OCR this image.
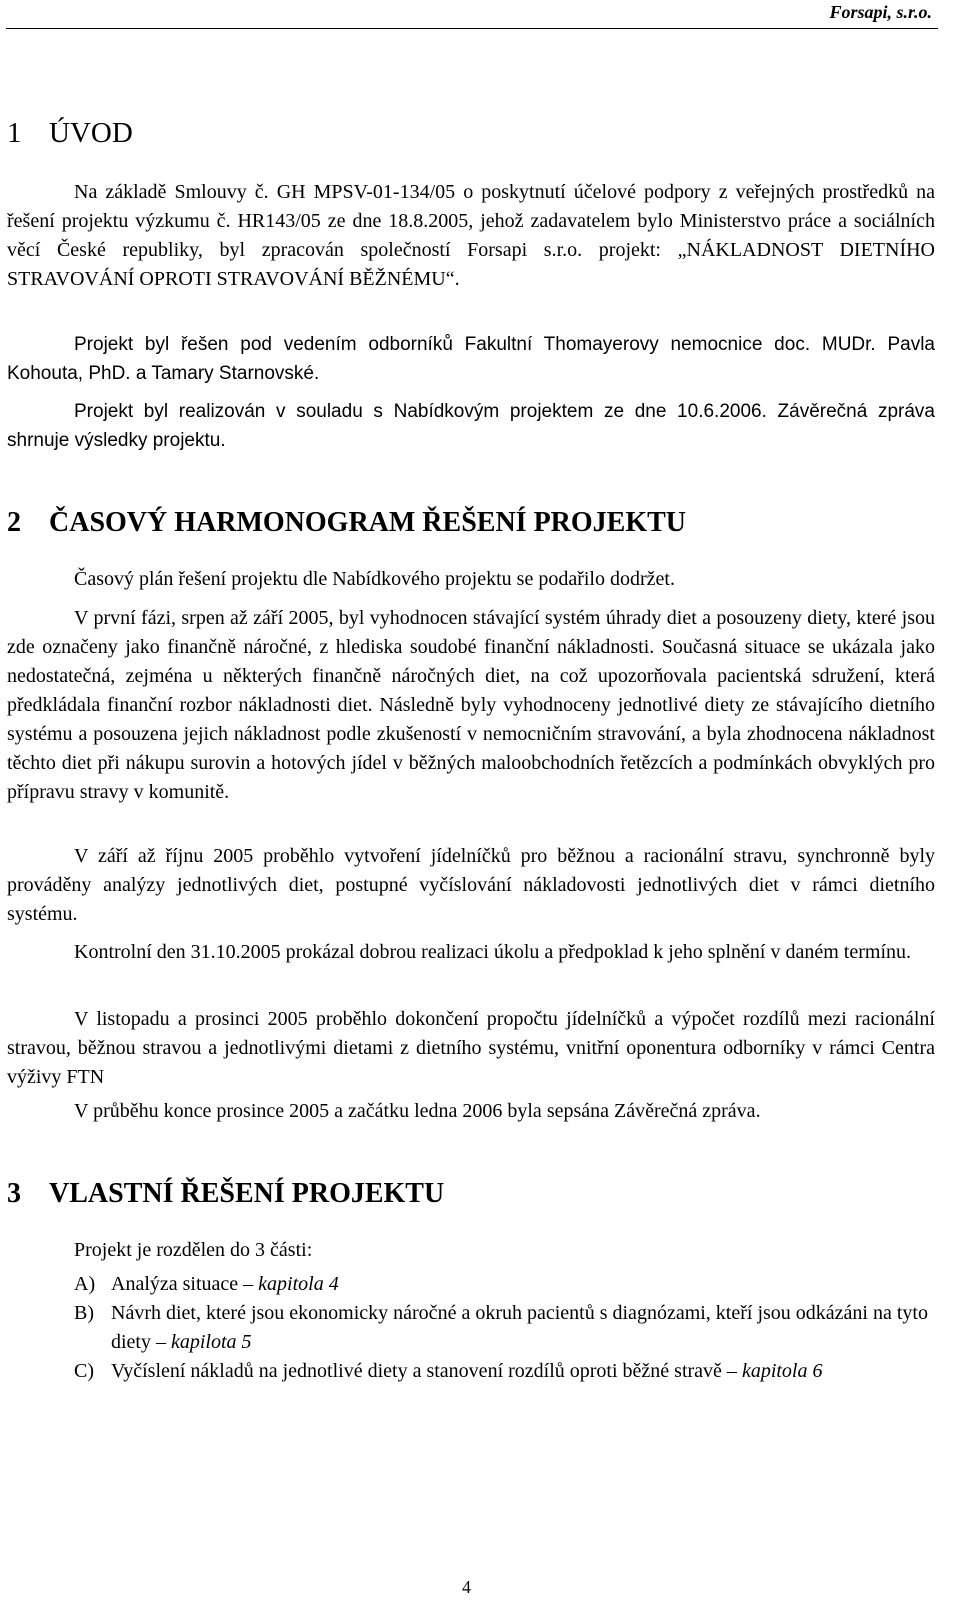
Forsapi, s.r.o.
1 ÚVOD

Na základě Smlouvy č. GH MPSV-01-134/05 o poskytnutí účelové podpory z veřejných prostředků na řešení projektu výzkumu č. HR143/05 ze dne 18.8.2005, jehož zadavatelem bylo Ministerstvo práce a sociálních věcí České republiky, byl zpracován společností Forsapi s.r.o. projekt: „NÁKLADNOST DIETNÍHO STRAVOVÁNÍ OPROTI STRAVOVÁNÍ BĚŽNÉMU“.

Projekt byl řešen pod vedením odborníků Fakultní Thomayerovy nemocnice doc. MUDr. Pavla Kohouta, PhD. a Tamary Starnovské.

Projekt byl realizován v souladu s Nabídkovým projektem ze dne 10.6.2006. Závěrečná zpráva shrnuje výsledky projektu.

2 ČASOVÝ HARMONOGRAM ŘEŠENÍ PROJEKTU

Časový plán řešení projektu dle Nabídkového projektu se podařilo dodržet.

V první fázi, srpen až září 2005, byl vyhodnocen stávající systém úhrady diet a posouzeny diety, které jsou zde označeny jako finančně náročné, z hlediska soudobé finanční nákladnosti. Současná situace se ukázala jako nedostatečná, zejména u některých finančně náročných diet, na což upozorňovala pacientská sdružení, která předkládala finanční rozbor nákladnosti diet. Následně byly vyhodnoceny jednotlivé diety ze stávajícího dietního systému a posouzena jejich nákladnost podle zkušeností v nemocničním stravování, a byla zhodnocena nákladnost těchto diet při nákupu surovin a hotových jídel v běžných maloobchodních řetězcích a podmínkách obvyklých pro přípravu stravy v komunitě.

V září až říjnu 2005 proběhlo vytvoření jídelníčků pro běžnou a racionální stravu, synchronně byly prováděny analýzy jednotlivých diet, postupné vyčíslování nákladovosti jednotlivých diet v rámci dietního systému.

Kontrolní den 31.10.2005 prokázal dobrou realizaci úkolu a předpoklad k jeho splnění v daném termínu.

V listopadu a prosinci 2005 proběhlo dokončení propočtu jídelníčků a výpočet rozdílů mezi racionální stravou, běžnou stravou a jednotlivými dietami z dietního systému, vnitřní oponentura odborníky v rámci Centra výživy FTN

V průběhu konce prosince 2005 a začátku ledna 2006 byla sepsána Závěrečná zpráva.

3 VLASTNÍ ŘEŠENÍ PROJEKTU

Projekt je rozdělen do 3 části:

A) Analýza situace – kapitola 4
B) Návrh diet, které jsou ekonomicky náročné a okruh pacientů s diagnózami, kteří jsou odkázáni na tyto diety – kapilota 5
C) Vyčíslení nákladů na jednotlivé diety a stanovení rozdílů oproti běžné stravě – kapitola 6
4
